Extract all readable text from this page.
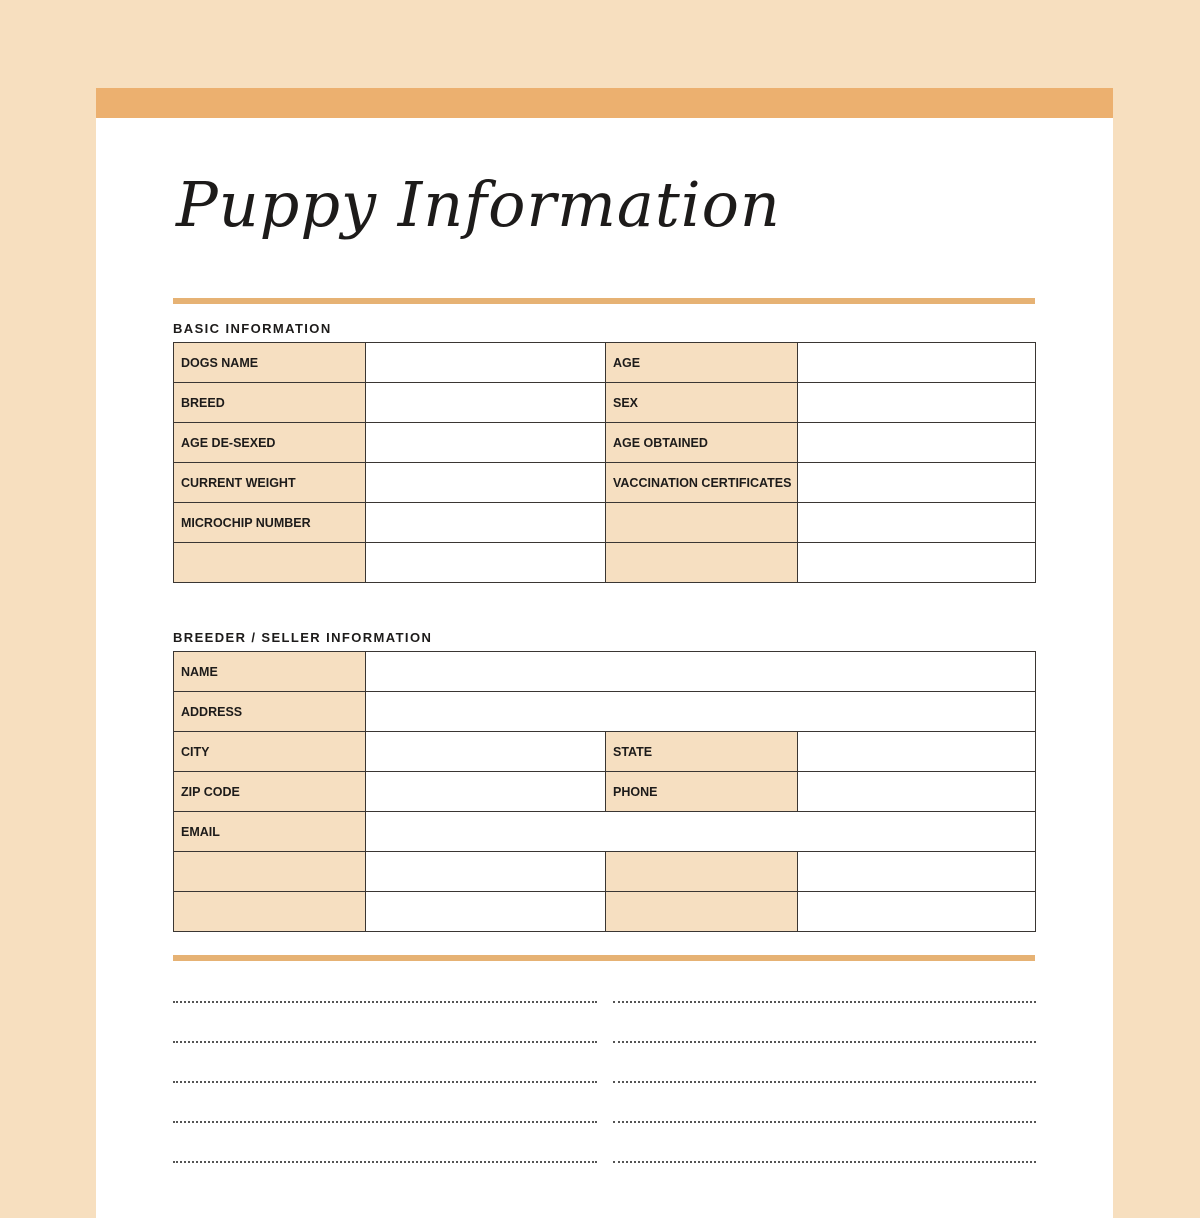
Puppy Information
BASIC INFORMATION
DOGS NAME		AGE	
BREED		SEX	
AGE DE-SEXED		AGE OBTAINED	
CURRENT WEIGHT		VACCINATION CERTIFICATES	
MICROCHIP NUMBER			

BREEDER / SELLER INFORMATION
NAME			
ADDRESS			
CITY		STATE	
ZIP CODE		PHONE	
EMAIL			
